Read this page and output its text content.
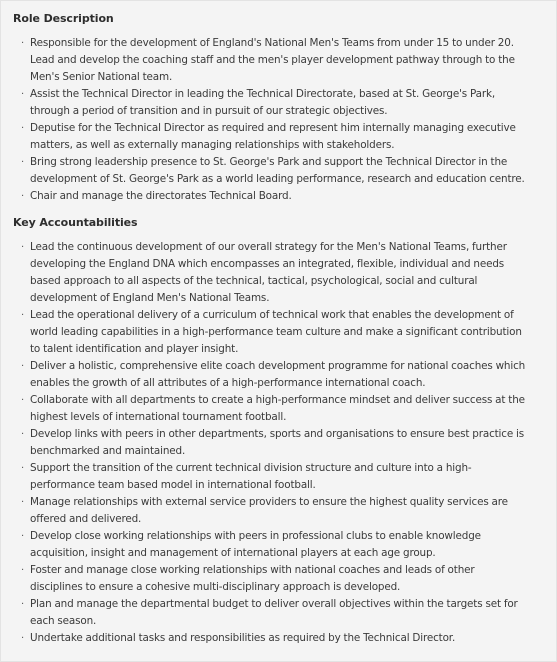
Role Description
· Responsible for the development of England's National Men's Teams from under 15 to under 20. Lead and develop the coaching staff and the men's player development pathway through to the Men's Senior National team.
· Assist the Technical Director in leading the Technical Directorate, based at St. George's Park, through a period of transition and in pursuit of our strategic objectives.
· Deputise for the Technical Director as required and represent him internally managing executive matters, as well as externally managing relationships with stakeholders.
· Bring strong leadership presence to St. George's Park and support the Technical Director in the development of St. George's Park as a world leading performance, research and education centre.
· Chair and manage the directorates Technical Board.
Key Accountabilities
· Lead the continuous development of our overall strategy for the Men's National Teams, further developing the England DNA which encompasses an integrated, flexible, individual and needs based approach to all aspects of the technical, tactical, psychological, social and cultural development of England Men's National Teams.
· Lead the operational delivery of a curriculum of technical work that enables the development of world leading capabilities in a high-performance team culture and make a significant contribution to talent identification and player insight.
· Deliver a holistic, comprehensive elite coach development programme for national coaches which enables the growth of all attributes of a high-performance international coach.
· Collaborate with all departments to create a high-performance mindset and deliver success at the highest levels of international tournament football.
· Develop links with peers in other departments, sports and organisations to ensure best practice is benchmarked and maintained.
· Support the transition of the current technical division structure and culture into a high-performance team based model in international football.
· Manage relationships with external service providers to ensure the highest quality services are offered and delivered.
· Develop close working relationships with peers in professional clubs to enable knowledge acquisition, insight and management of international players at each age group.
· Foster and manage close working relationships with national coaches and leads of other disciplines to ensure a cohesive multi-disciplinary approach is developed.
· Plan and manage the departmental budget to deliver overall objectives within the targets set for each season.
· Undertake additional tasks and responsibilities as required by the Technical Director.
